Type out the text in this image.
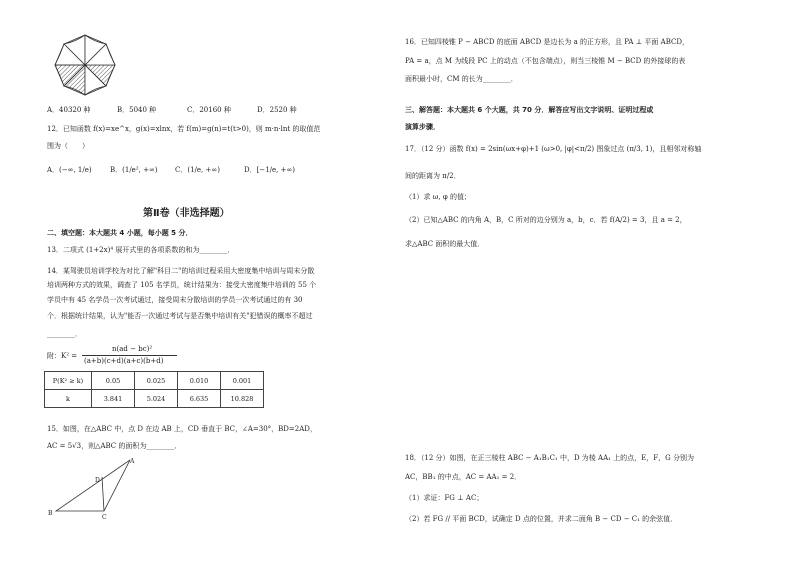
A．40320 种	B．5040 种	C．20160 种	D．2520 种
12．已知函数 f(x)=xe^x，g(x)=xlnx，若 f(m)=g(n)=t(t>0)，则 m·n·lnt 的取值范
围为（　　）
A．(−∞, 1/e)	B．(1/e², +∞) C．(1/e, +∞)	D．[−1/e, +∞)
第Ⅱ卷（非选择题）
二、填空题：本大题共 4 小题，每小题 5 分．
13．二项式 (1+2x)⁴ 展开式里的各项系数的和为________．
14．某驾驶员培训学校为对比了解"科目二"的培训过程采用大密度集中培训与周末分散
培训两种方式的效果，调查了 105 名学员，统计结果为：接受大密度集中培训的 55 个
学员中有 45 名学员一次考试通过，接受周末分散培训的学员一次考试通过的有 30
个．根据统计结果，认为"能否一次通过考试与是否集中培训有关"犯错误的概率不超过
________．
附：K² =
n(ad − bc)²
(a+b)(c+d)(a+c)(b+d)
P(K² ≥ k)	0.05	0.025	0.010	0.001
k	3.841	5.024	6.635	10.828
15．如图，在△ABC 中，点 D 在边 AB 上，CD 垂直于 BC，∠A=30°，BD=2AD，
AC = 5√3，则△ABC 的面积为________．
A
B
C
D
16．已知四棱锥 P − ABCD 的底面 ABCD 是边长为 a 的正方形，且 PA ⊥ 平面 ABCD，
PA = a，点 M 为线段 PC 上的动点（不包含端点），则当三棱锥 M − BCD 的外接球的表
面积最小时，CM 的长为________．
三、解答题：本大题共 6 个大题，共 70 分．解答应写出文字说明、证明过程或
演算步骤．
17．（12 分）函数 f(x) = 2sin(ωx+φ)+1 (ω>0, |φ|<π/2) 图象过点 (π/3, 1)，且相邻对称轴
间的距离为 π/2．
（1）求 ω, φ 的值；
（2）已知△ABC 的内角 A，B，C 所对的边分别为 a，b，c．若 f(A/2) = 3，且 a = 2，
求△ABC 面积的最大值．
18．（12 分）如图，在正三棱柱 ABC − A₁B₁C₁ 中，D 为棱 AA₁ 上的点，E，F，G 分别为
AC，BB₁ 的中点，AC = AA₁ = 2．
（1）求证：FG ⊥ AC；
（2）若 FG // 平面 BCD，试确定 D 点的位置，并求二面角 B − CD − C₁ 的余弦值．
